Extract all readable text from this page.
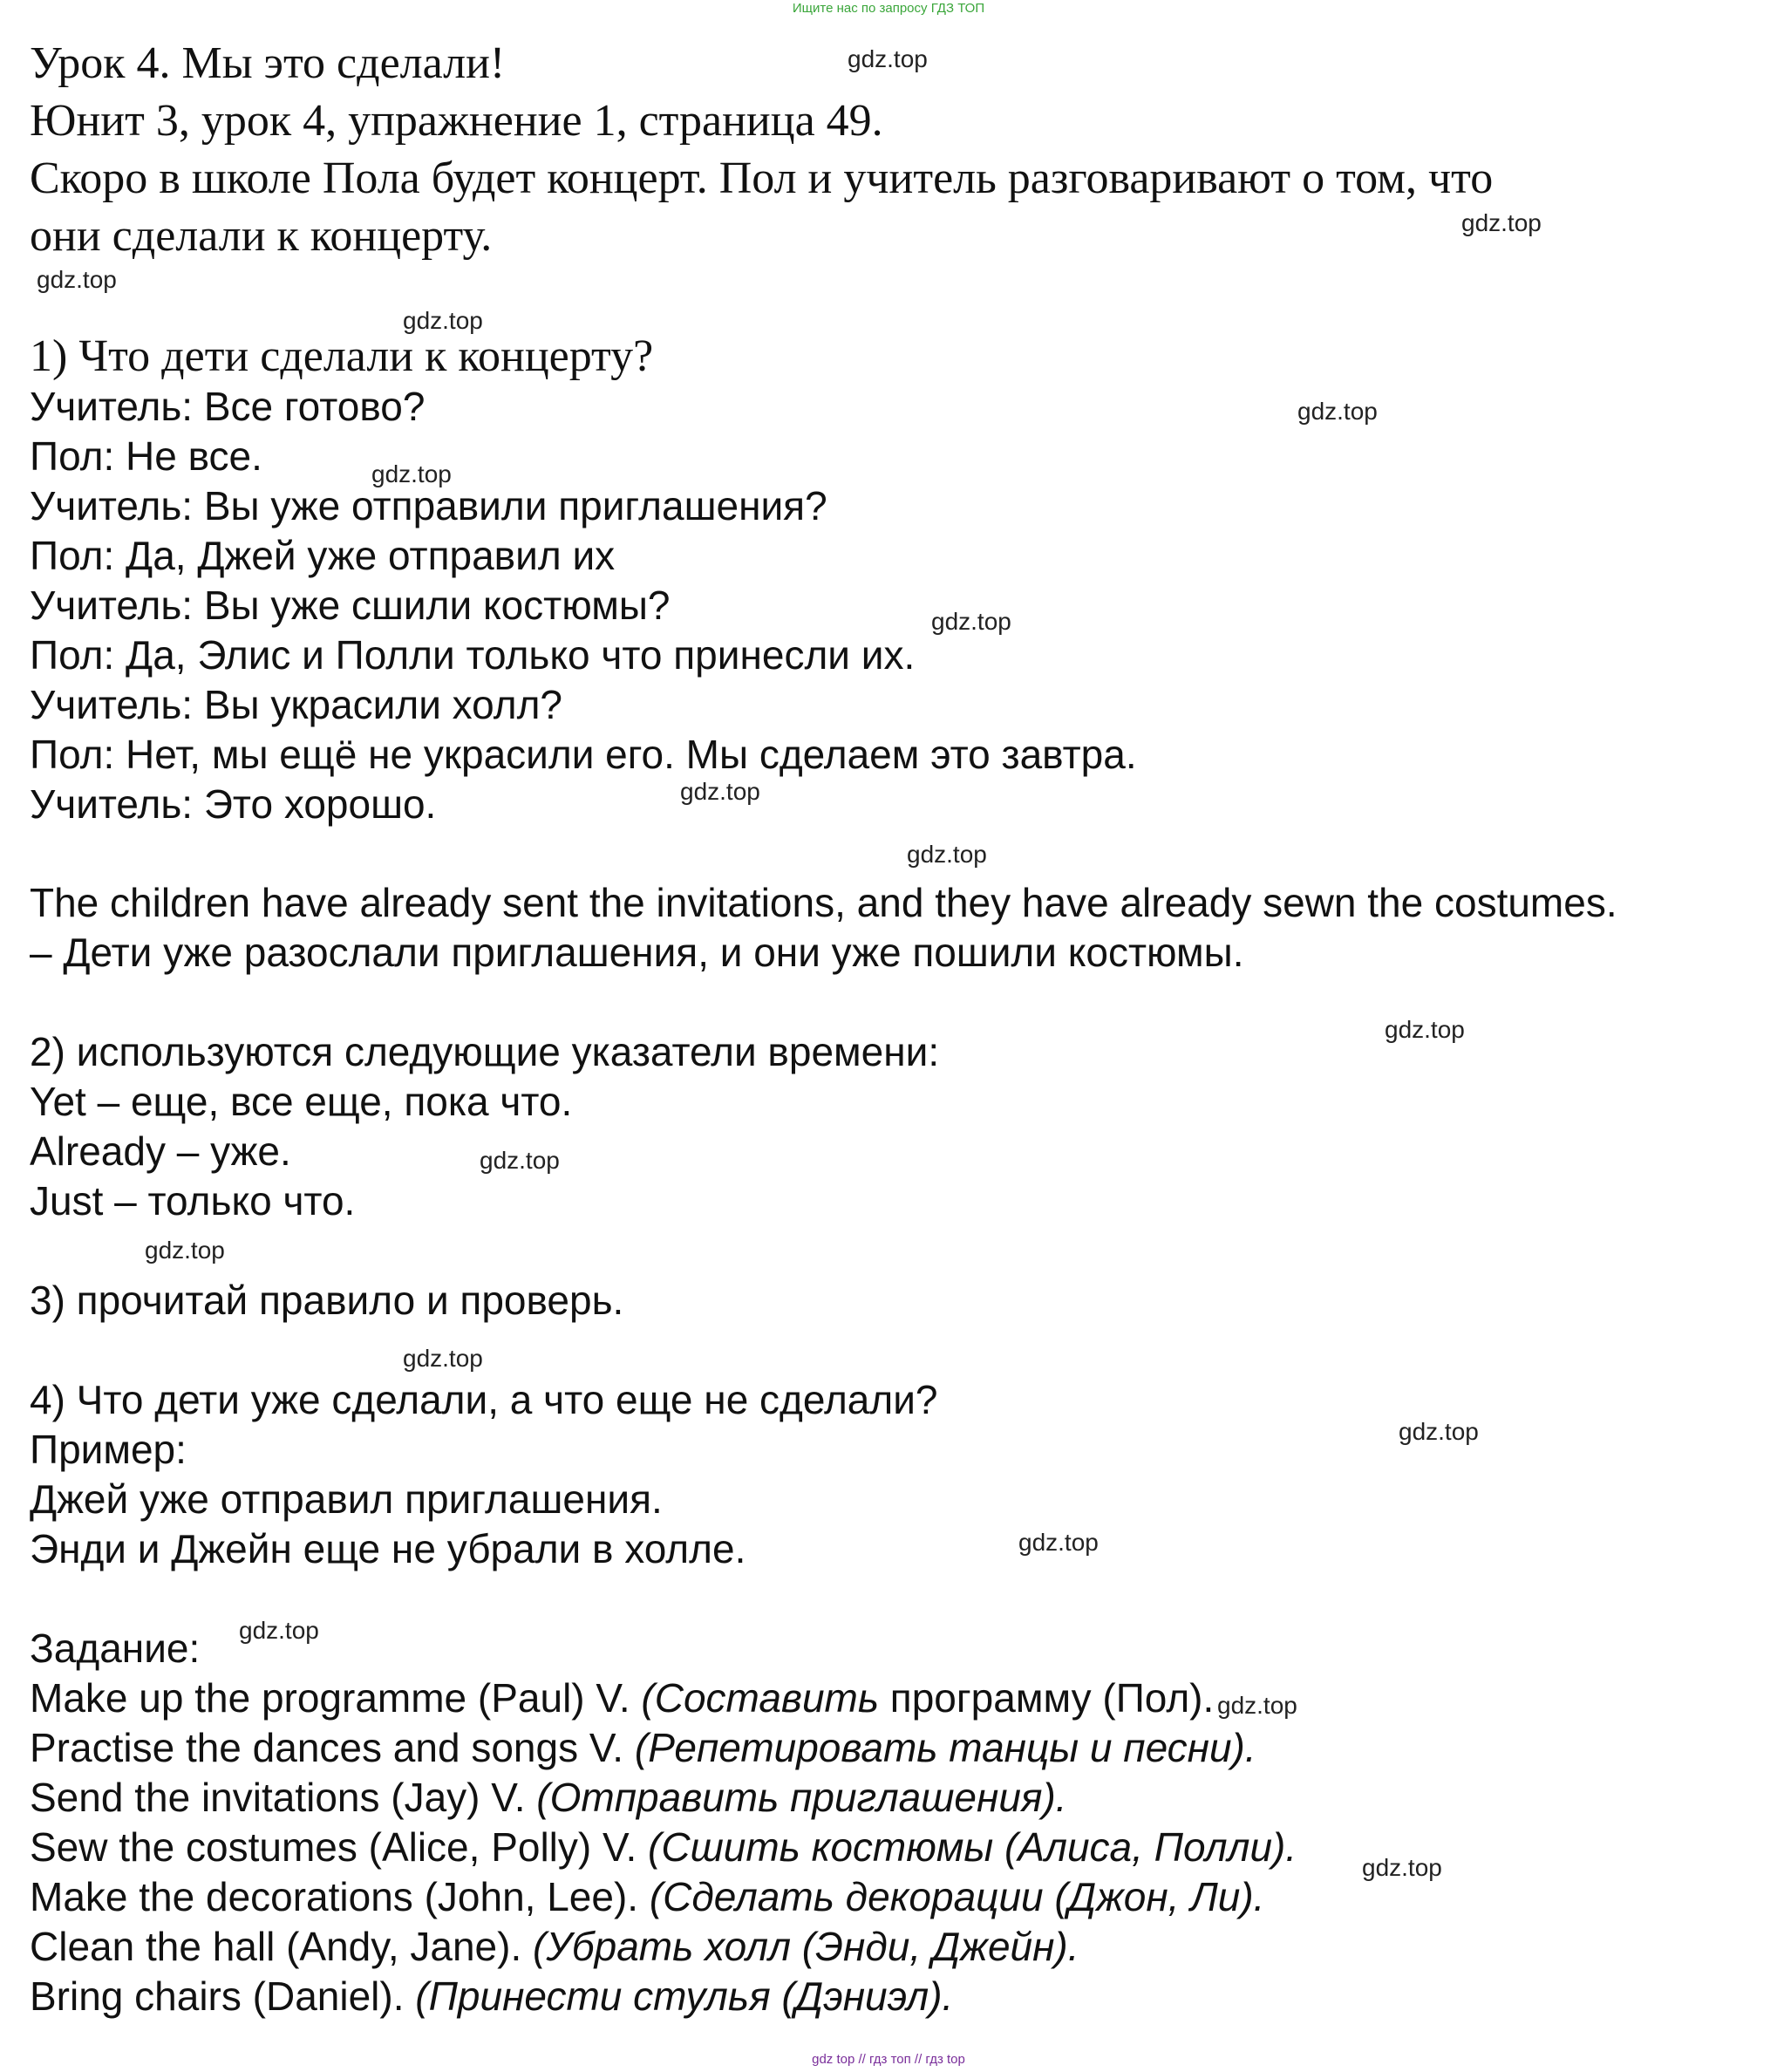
Ищите нас по запросу ГДЗ ТОП
Урок 4. Мы это сделали!
Юнит 3, урок 4, упражнение 1, страница 49.
Скоро в школе Пола будет концерт. Пол и учитель разговаривают о том, что
они сделали к концерту.
1) Что дети сделали к концерту?
Учитель: Все готово?
Пол: Не все.
Учитель: Вы уже отправили приглашения?
Пол: Да, Джей уже отправил их
Учитель: Вы уже сшили костюмы?
Пол: Да, Элис и Полли только что принесли их.
Учитель: Вы украсили холл?
Пол: Нет, мы ещё не украсили его. Мы сделаем это завтра.
Учитель: Это хорошо.
The children have already sent the invitations, and they have already sewn the costumes.
– Дети уже разослали приглашения, и они уже пошили костюмы.
2) используются следующие указатели времени:
Yet – еще, все еще, пока что.
Already – уже.
Just – только что.
3) прочитай правило и проверь.
4) Что дети уже сделали, а что еще не сделали?
Пример:
Джей уже отправил приглашения.
Энди и Джейн еще не убрали в холле.
Задание:
Make up the programme (Paul) V. (Составить программу (Пол).
Practise the dances and songs V. (Репетировать танцы и песни).
Send the invitations (Jay) V. (Отправить приглашения).
Sew the costumes (Alice, Polly) V. (Сшить костюмы (Алиса, Полли).
Make the decorations (John, Lee). (Сделать декорации (Джон, Ли).
Clean the hall (Andy, Jane). (Убрать холл (Энди, Джейн).
Bring chairs (Daniel). (Принести стулья (Дэниэл).
gdz.top
gdz.top
gdz.top
gdz.top
gdz.top
gdz.top
gdz.top
gdz.top
gdz.top
gdz.top
gdz.top
gdz.top
gdz.top
gdz.top
gdz.top
gdz.top
gdz.top
gdz.top
gdz top // гдз топ // гдз top
